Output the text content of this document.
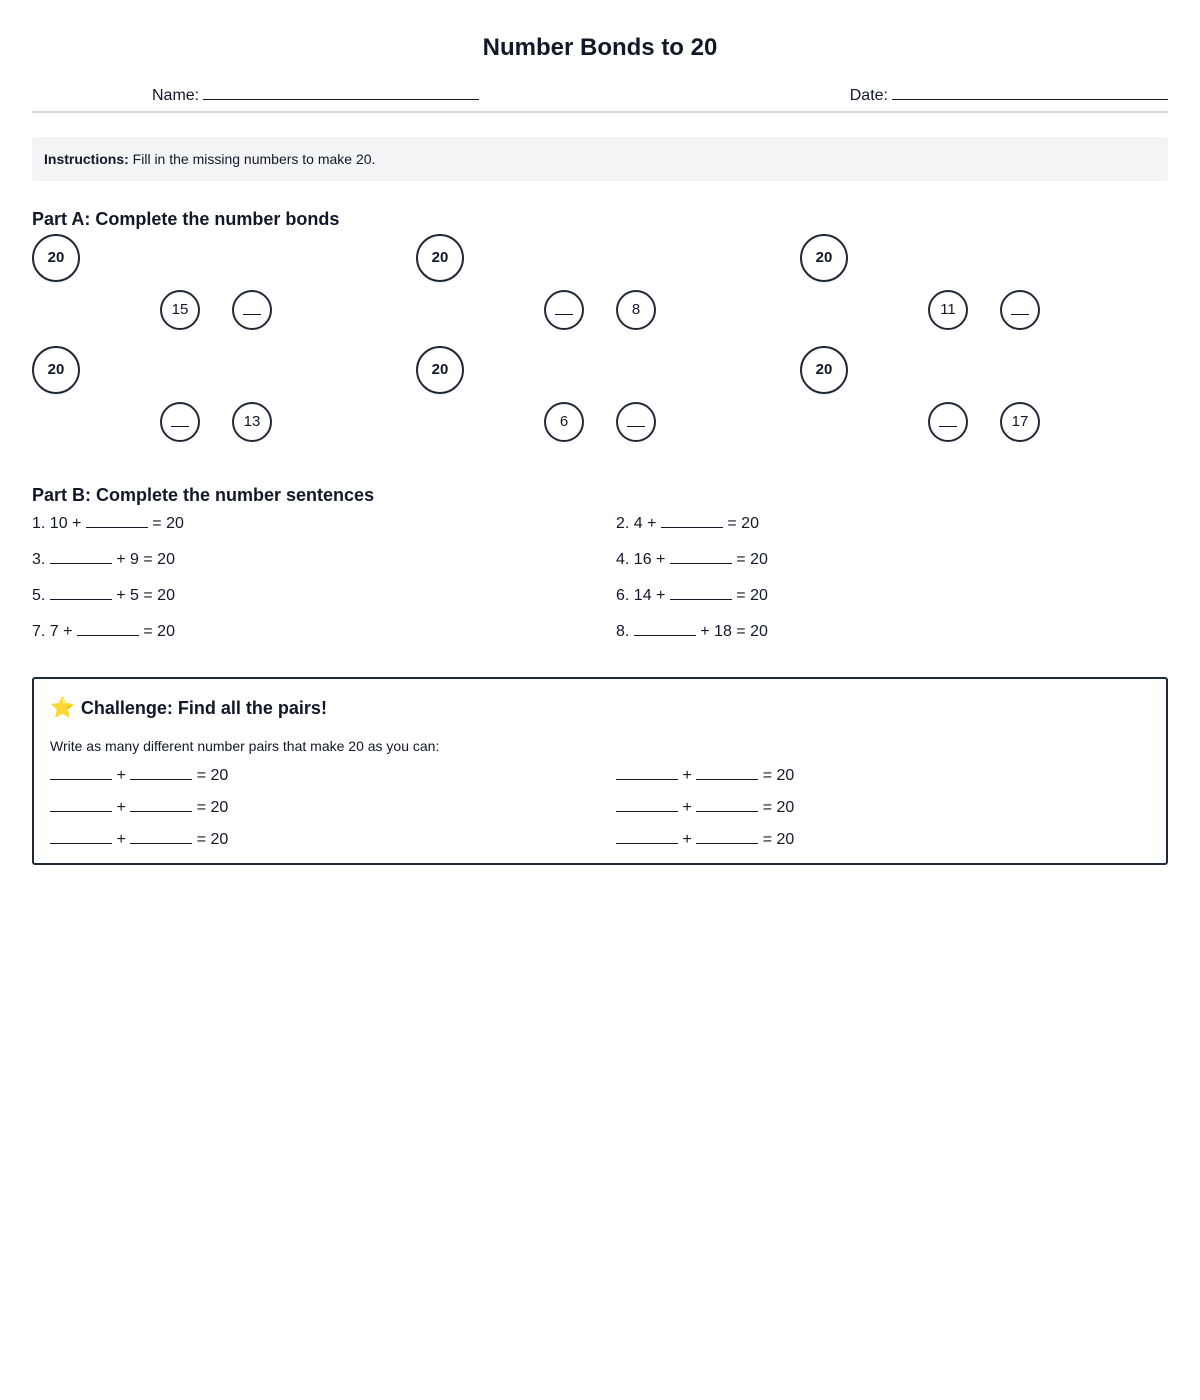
Number Bonds to 20
Name:	Date:
Instructions: Fill in the missing numbers to make 20.
Part A: Complete the number bonds
20
15
20
8
20
11
20
13
20
6
20
17
Part B: Complete the number sentences
1. 10 +	= 20	2. 4 +	= 20
3.	+ 9 = 20	4. 16 +	= 20
5.	+ 5 = 20	6. 14 +	= 20
7. 7 +	= 20	8.	+ 18 = 20
⭐ Challenge: Find all the pairs!
Write as many different number pairs that make 20 as you can:
+	= 20	+	= 20
+	= 20	+	= 20
+	= 20	+	= 20
